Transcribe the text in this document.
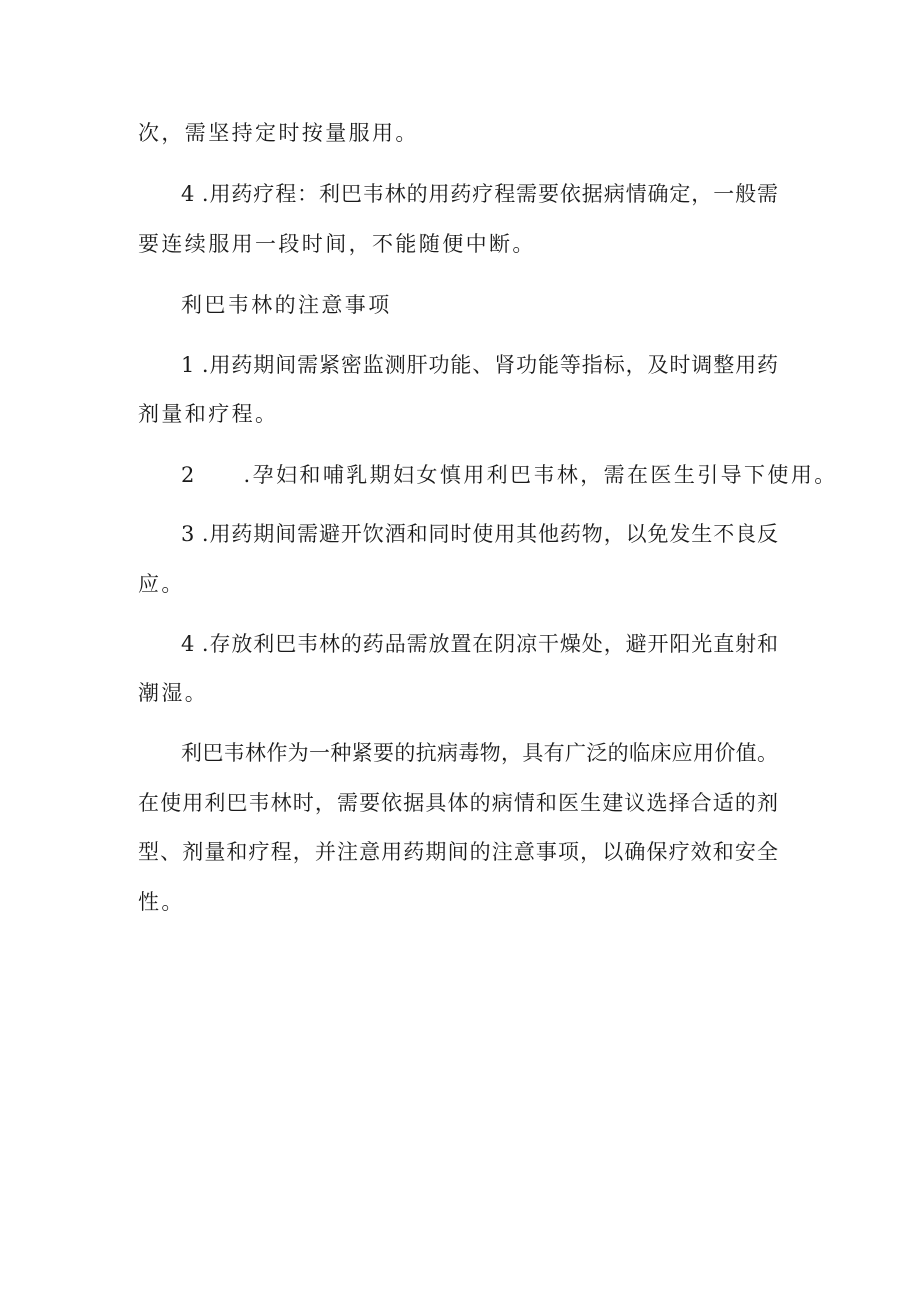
次，需坚持定时按量服用。
4 .用药疗程：利巴韦林的用药疗程需要依据病情确定，一般需
要连续服用一段时间，不能随便中断。
利巴韦林的注意事项
1 .用药期间需紧密监测肝功能、肾功能等指标，及时调整用药
剂量和疗程。
2　　.孕妇和哺乳期妇女慎用利巴韦林，需在医生引导下使用。
3 .用药期间需避开饮酒和同时使用其他药物，以免发生不良反
应。
4 .存放利巴韦林的药品需放置在阴凉干燥处，避开阳光直射和
潮湿。
利巴韦林作为一种紧要的抗病毒物，具有广泛的临床应用价值。
在使用利巴韦林时，需要依据具体的病情和医生建议选择合适的剂
型、剂量和疗程，并注意用药期间的注意事项，以确保疗效和安全
性。
